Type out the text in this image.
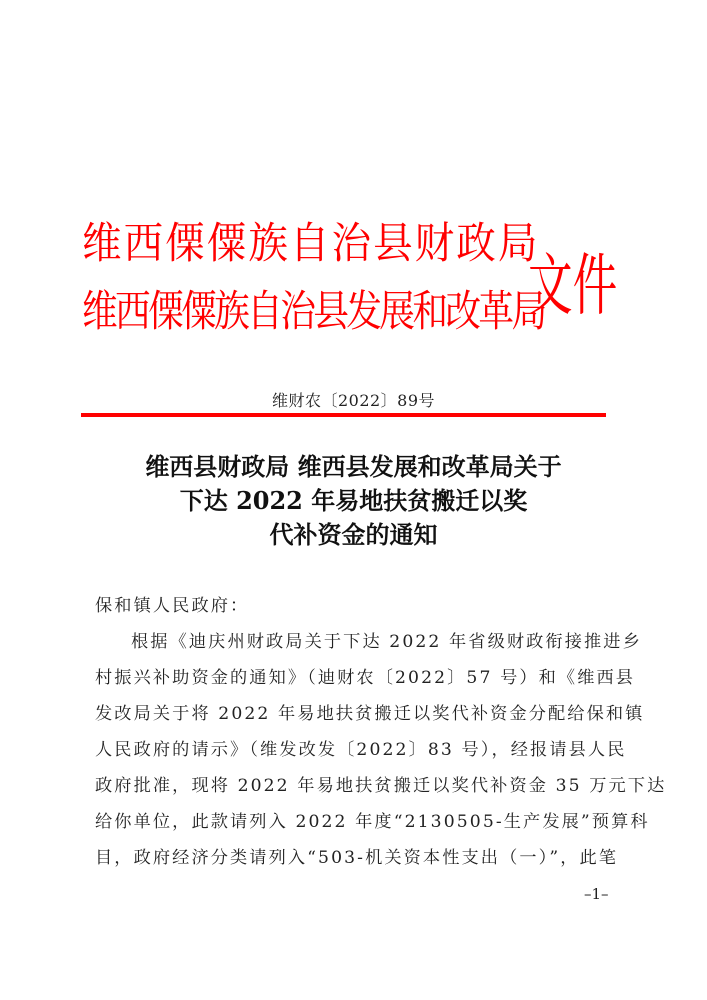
维西傈僳族自治县财政局
维西傈僳族自治县发展和改革局
文件
维财农〔2022〕89号
维西县财政局 维西县发展和改革局关于
下达 2022 年易地扶贫搬迁以奖
代补资金的通知
保和镇人民政府：
根据《迪庆州财政局关于下达 2022 年省级财政衔接推进乡
村振兴补助资金的通知》（迪财农〔2022〕57 号）和《维西县
发改局关于将 2022 年易地扶贫搬迁以奖代补资金分配给保和镇
人民政府的请示》（维发改发〔2022〕83 号），经报请县人民
政府批准，现将 2022 年易地扶贫搬迁以奖代补资金 35 万元下达
给你单位，此款请列入 2022 年度“2130505-生产发展”预算科
目，政府经济分类请列入“503-机关资本性支出（一）”，此笔
–1–
